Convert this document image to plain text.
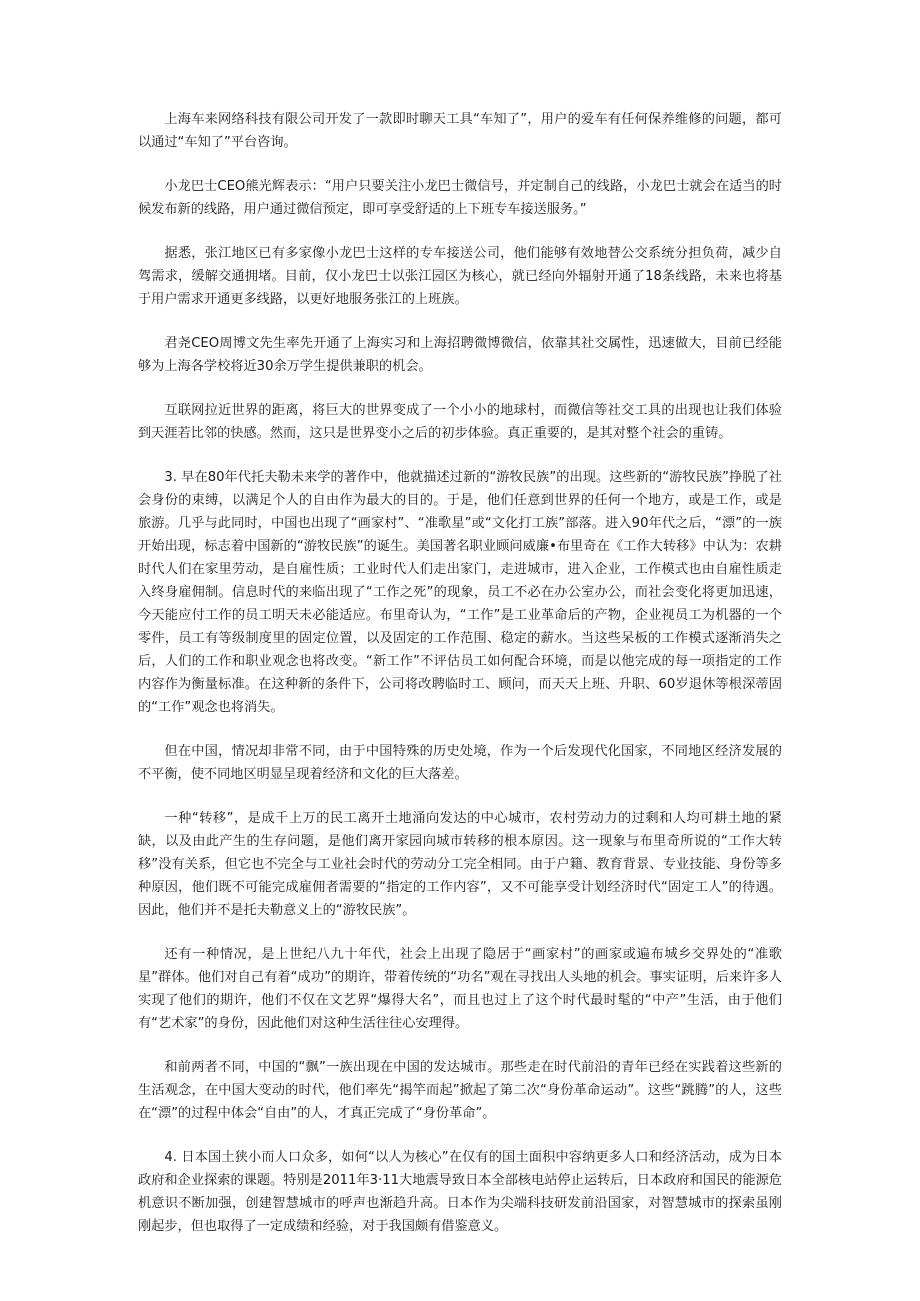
上海车来网络科技有限公司开发了一款即时聊天工具“车知了”，用户的爱车有任何保养维修的问题，都可以通过“车知了”平台咨询。

小龙巴士CEO熊光辉表示：“用户只要关注小龙巴士微信号，并定制自己的线路，小龙巴士就会在适当的时候发布新的线路，用户通过微信预定，即可享受舒适的上下班专车接送服务。”

据悉，张江地区已有多家像小龙巴士这样的专车接送公司，他们能够有效地替公交系统分担负荷，减少自驾需求，缓解交通拥堵。目前，仅小龙巴士以张江园区为核心，就已经向外辐射开通了18条线路，未来也将基于用户需求开通更多线路，以更好地服务张江的上班族。

君尧CEO周博文先生率先开通了上海实习和上海招聘微博微信，依靠其社交属性，迅速做大，目前已经能够为上海各学校将近30余万学生提供兼职的机会。

互联网拉近世界的距离，将巨大的世界变成了一个小小的地球村，而微信等社交工具的出现也让我们体验到天涯若比邻的快感。然而，这只是世界变小之后的初步体验。真正重要的，是其对整个社会的重铸。

3. 早在80年代托夫勒未来学的著作中，他就描述过新的“游牧民族”的出现。这些新的“游牧民族”挣脱了社会身份的束缚，以满足个人的自由作为最大的目的。于是，他们任意到世界的任何一个地方，或是工作，或是旅游。几乎与此同时，中国也出现了“画家村”、“准歌星”或“文化打工族”部落。进入90年代之后，“漂”的一族开始出现，标志着中国新的“游牧民族”的诞生。美国著名职业顾问威廉•布里奇在《工作大转移》中认为：农耕时代人们在家里劳动，是自雇性质；工业时代人们走出家门，走进城市，进入企业，工作模式也由自雇性质走入终身雇佣制。信息时代的来临出现了“工作之死”的现象，员工不必在办公室办公，而社会变化将更加迅速，今天能应付工作的员工明天未必能适应。布里奇认为，“工作”是工业革命后的产物，企业视员工为机器的一个零件，员工有等级制度里的固定位置，以及固定的工作范围、稳定的薪水。当这些呆板的工作模式逐渐消失之后，人们的工作和职业观念也将改变。“新工作”不评估员工如何配合环境，而是以他完成的每一项指定的工作内容作为衡量标准。在这种新的条件下，公司将改聘临时工、顾问，而天天上班、升职、60岁退休等根深蒂固的“工作”观念也将消失。

但在中国，情况却非常不同，由于中国特殊的历史处境，作为一个后发现代化国家，不同地区经济发展的不平衡，使不同地区明显呈现着经济和文化的巨大落差。

一种“转移”，是成千上万的民工离开土地涌向发达的中心城市，农村劳动力的过剩和人均可耕土地的紧缺，以及由此产生的生存问题，是他们离开家园向城市转移的根本原因。这一现象与布里奇所说的“工作大转移”没有关系，但它也不完全与工业社会时代的劳动分工完全相同。由于户籍、教育背景、专业技能、身份等多种原因，他们既不可能完成雇佣者需要的“指定的工作内容”，又不可能享受计划经济时代“固定工人”的待遇。因此，他们并不是托夫勒意义上的“游牧民族”。

还有一种情况，是上世纪八九十年代，社会上出现了隐居于“画家村”的画家或遍布城乡交界处的“准歌星”群体。他们对自己有着“成功”的期许，带着传统的“功名”观在寻找出人头地的机会。事实证明，后来许多人实现了他们的期许，他们不仅在文艺界“爆得大名”，而且也过上了这个时代最时髦的“中产”生活，由于他们有“艺术家”的身份，因此他们对这种生活往往心安理得。

和前两者不同，中国的“飘”一族出现在中国的发达城市。那些走在时代前沿的青年已经在实践着这些新的生活观念，在中国大变动的时代，他们率先“揭竿而起”掀起了第二次“身份革命运动”。这些“跳腾”的人，这些在“漂”的过程中体会“自由”的人，才真正完成了“身份革命”。

4. 日本国土狭小而人口众多，如何“以人为核心”在仅有的国土面积中容纳更多人口和经济活动，成为日本政府和企业探索的课题。特别是2011年3·11大地震导致日本全部核电站停止运转后，日本政府和国民的能源危机意识不断加强，创建智慧城市的呼声也渐趋升高。日本作为尖端科技研发前沿国家，对智慧城市的探索虽刚刚起步，但也取得了一定成绩和经验，对于我国颇有借鉴意义。
